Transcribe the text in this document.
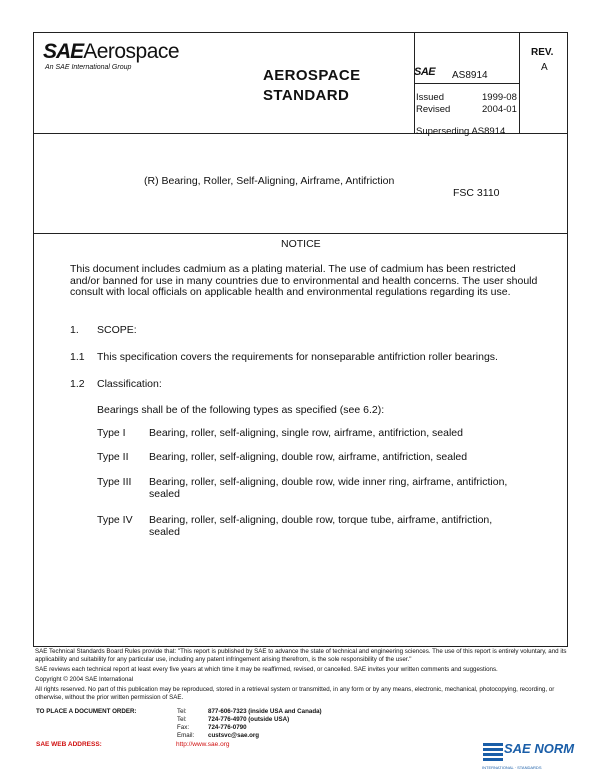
SAEAerospace
An SAE International Group	AEROSPACE
STANDARD
SAE AS8914
REV.
A
Issued	1999-08
Revised	2004-01
Superseding AS8914
(R) Bearing, Roller, Self-Aligning, Airframe, Antifriction
FSC 3110
NOTICE
This document includes cadmium as a plating material. The use of cadmium has been restricted and/or banned for use in many countries due to environmental and health concerns. The user should consult with local officials on applicable health and environmental regulations regarding its use.
1. SCOPE:
1.1 This specification covers the requirements for nonseparable antifriction roller bearings.
1.2 Classification:
Bearings shall be of the following types as specified (see 6.2):
Type I Bearing, roller, self-aligning, single row, airframe, antifriction, sealed
Type II Bearing, roller, self-aligning, double row, airframe, antifriction, sealed
Type III Bearing, roller, self-aligning, double row, wide inner ring, airframe, antifriction, sealed
Type IV Bearing, roller, self-aligning, double row, torque tube, airframe, antifriction, sealed

SAE Technical Standards Board Rules provide that: "This report is published by SAE to advance the state of technical and engineering sciences. The use of this report is entirely voluntary, and its applicability and suitability for any particular use, including any patent infringement arising therefrom, is the sole responsibility of the user."

SAE reviews each technical report at least every five years at which time it may be reaffirmed, revised, or cancelled. SAE invites your written comments and suggestions.

Copyright © 2004 SAE International

All rights reserved. No part of this publication may be reproduced, stored in a retrieval system or transmitted, in any form or by any means, electronic, mechanical, photocopying, recording, or otherwise, without the prior written permission of SAE.

TO PLACE A DOCUMENT ORDER:	Tel:	877-606-7323 (inside USA and Canada)
Tel:	724-776-4970 (outside USA)
Fax:	724-776-0790
Email: custsvc@sae.org
SAE WEB ADDRESS:	http://www.sae.org	SAE NORM
INTERNATIONAL · STANDARDS
